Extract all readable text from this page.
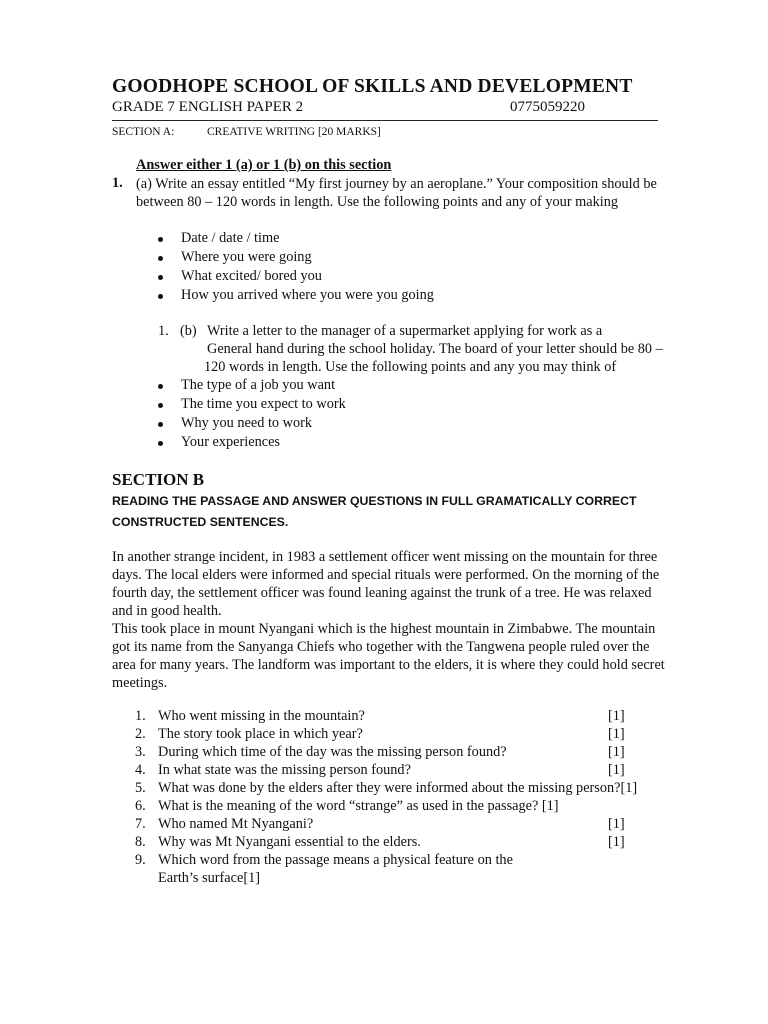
GOODHOPE SCHOOL OF SKILLS AND DEVELOPMENT
GRADE 7 ENGLISH PAPER 2	0775059220
SECTION A:	CREATIVE WRITING [20 MARKS]
Answer either 1 (a) or 1 (b) on this section
1. (a) Write an essay entitled “My first journey by an aeroplane.” Your composition should be
between 80 – 120 words in length. Use the following points and any of your making
Date / date / time
Where you were going
What excited/ bored you
How you arrived where you were you going
1. (b) Write a letter to the manager of a supermarket applying for work as a
General hand during the school holiday. The board of your letter should be 80 –
120 words in length. Use the following points and any you may think of
The type of a job you want
The time you expect to work
Why you need to work
Your experiences
SECTION B
READING THE PASSAGE AND ANSWER QUESTIONS IN FULL GRAMATICALLY CORRECT
CONSTRUCTED SENTENCES.
In another strange incident, in 1983 a settlement officer went missing on the mountain for three
days. The local elders were informed and special rituals were performed. On the morning of the
fourth day, the settlement officer was found leaning against the trunk of a tree. He was relaxed
and in good health.
This took place in mount Nyangani which is the highest mountain in Zimbabwe. The mountain
got its name from the Sanyanga Chiefs who together with the Tangwena people ruled over the
area for many years. The landform was important to the elders, it is where they could hold secret
meetings.
1. Who went missing in the mountain?	[1]
2. The story took place in which year?	[1]
3. During which time of the day was the missing person found?	[1]
4. In what state was the missing person found?	[1]
5. What was done by the elders after they were informed about the missing person?[1]
6. What is the meaning of the word “strange” as used in the passage? [1]
7. Who named Mt Nyangani?	[1]
8. Why was Mt Nyangani essential to the elders.	[1]
9. Which word from the passage means a physical feature on the
Earth’s surface[1]
